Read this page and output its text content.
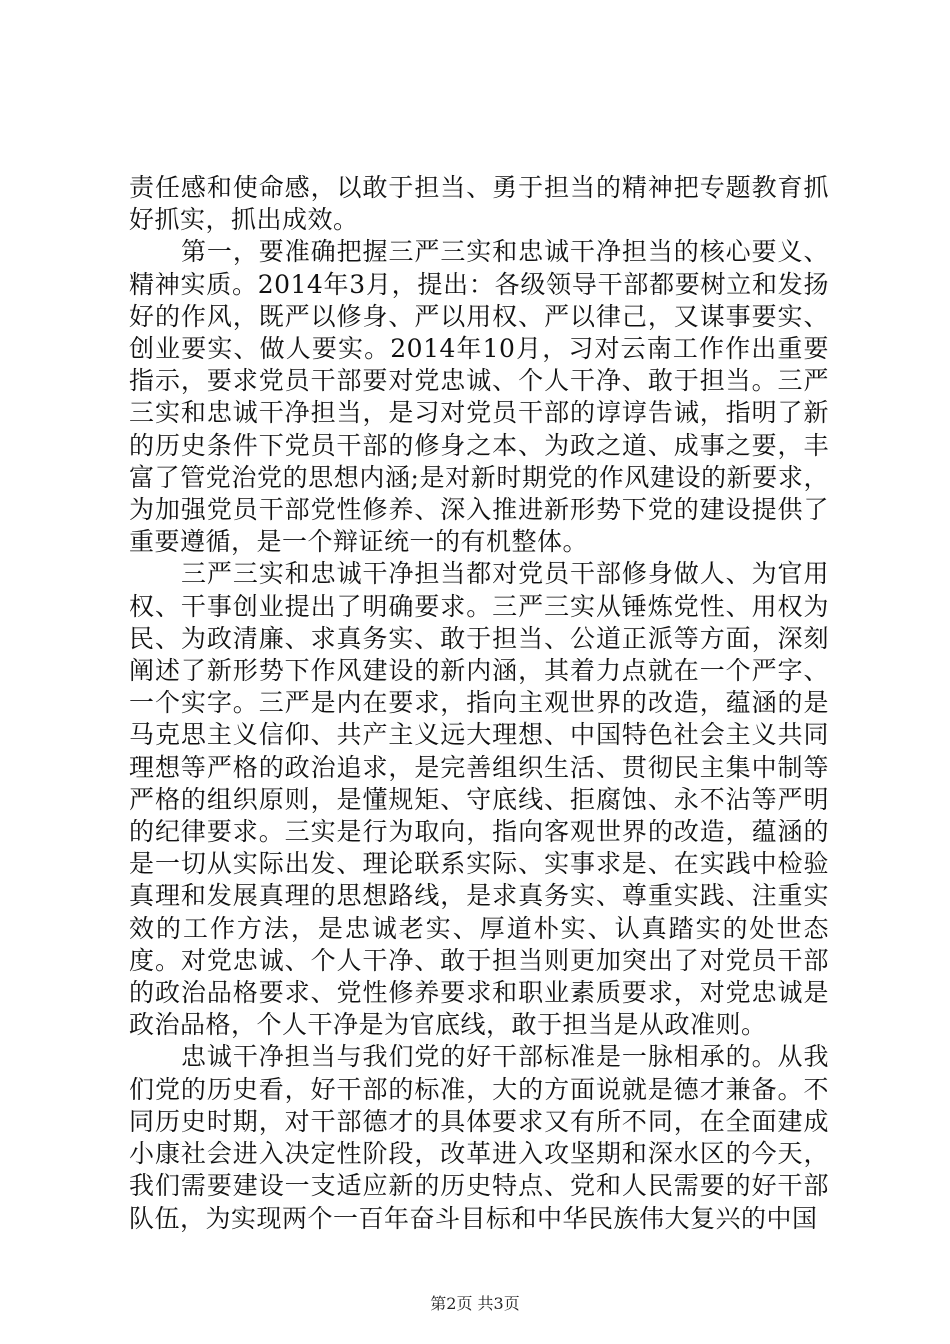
责任感和使命感，以敢于担当、勇于担当的精神把专题教育抓好抓实，抓出成效。

第一，要准确把握三严三实和忠诚干净担当的核心要义、精神实质。2014年3月，提出：各级领导干部都要树立和发扬好的作风，既严以修身、严以用权、严以律己，又谋事要实、创业要实、做人要实。2014年10月，习对云南工作作出重要指示，要求党员干部要对党忠诚、个人干净、敢于担当。三严三实和忠诚干净担当，是习对党员干部的谆谆告诫，指明了新的历史条件下党员干部的修身之本、为政之道、成事之要，丰富了管党治党的思想内涵;是对新时期党的作风建设的新要求，为加强党员干部党性修养、深入推进新形势下党的建设提供了重要遵循，是一个辩证统一的有机整体。

三严三实和忠诚干净担当都对党员干部修身做人、为官用权、干事创业提出了明确要求。三严三实从锤炼党性、用权为民、为政清廉、求真务实、敢于担当、公道正派等方面，深刻阐述了新形势下作风建设的新内涵，其着力点就在一个严字、一个实字。三严是内在要求，指向主观世界的改造，蕴涵的是马克思主义信仰、共产主义远大理想、中国特色社会主义共同理想等严格的政治追求，是完善组织生活、贯彻民主集中制等严格的组织原则，是懂规矩、守底线、拒腐蚀、永不沾等严明的纪律要求。三实是行为取向，指向客观世界的改造，蕴涵的是一切从实际出发、理论联系实际、实事求是、在实践中检验真理和发展真理的思想路线，是求真务实、尊重实践、注重实效的工作方法，是忠诚老实、厚道朴实、认真踏实的处世态度。对党忠诚、个人干净、敢于担当则更加突出了对党员干部的政治品格要求、党性修养要求和职业素质要求，对党忠诚是政治品格，个人干净是为官底线，敢于担当是从政准则。

忠诚干净担当与我们党的好干部标准是一脉相承的。从我们党的历史看，好干部的标准，大的方面说就是德才兼备。不同历史时期，对干部德才的具体要求又有所不同，在全面建成小康社会进入决定性阶段，改革进入攻坚期和深水区的今天，我们需要建设一支适应新的历史特点、党和人民需要的好干部队伍，为实现两个一百年奋斗目标和中华民族伟大复兴的中国

第2页 共3页
